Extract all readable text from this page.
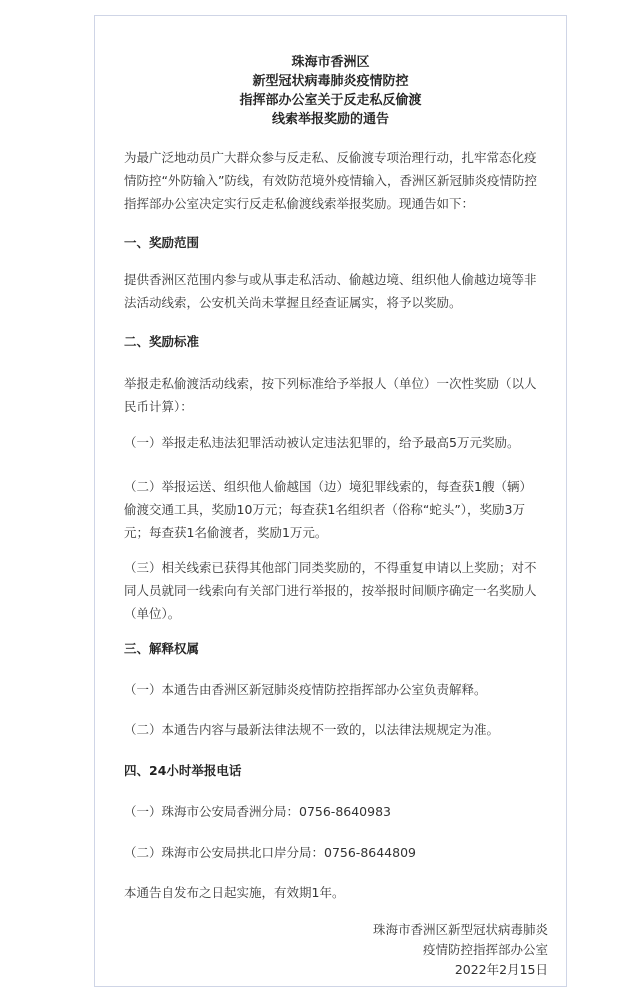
珠海市香洲区
新型冠状病毒肺炎疫情防控
指挥部办公室关于反走私反偷渡
线索举报奖励的通告
为最广泛地动员广大群众参与反走私、反偷渡专项治理行动，扎牢常态化疫
情防控“外防输入”防线，有效防范境外疫情输入，香洲区新冠肺炎疫情防控
指挥部办公室决定实行反走私偷渡线索举报奖励。现通告如下：
一、奖励范围
提供香洲区范围内参与或从事走私活动、偷越边境、组织他人偷越边境等非
法活动线索，公安机关尚未掌握且经查证属实，将予以奖励。
二、奖励标准
举报走私偷渡活动线索，按下列标准给予举报人（单位）一次性奖励（以人
民币计算）：
（一）举报走私违法犯罪活动被认定违法犯罪的，给予最高5万元奖励。
（二）举报运送、组织他人偷越国（边）境犯罪线索的，每查获1艘（辆）
偷渡交通工具，奖励10万元；每查获1名组织者（俗称“蛇头”），奖励3万
元；每查获1名偷渡者，奖励1万元。
（三）相关线索已获得其他部门同类奖励的，不得重复申请以上奖励；对不
同人员就同一线索向有关部门进行举报的，按举报时间顺序确定一名奖励人
（单位）。
三、解释权属
（一）本通告由香洲区新冠肺炎疫情防控指挥部办公室负责解释。
（二）本通告内容与最新法律法规不一致的，以法律法规规定为准。
四、24小时举报电话
（一）珠海市公安局香洲分局：0756-8640983
（二）珠海市公安局拱北口岸分局：0756-8644809
本通告自发布之日起实施，有效期1年。
珠海市香洲区新型冠状病毒肺炎
疫情防控指挥部办公室
2022年2月15日
